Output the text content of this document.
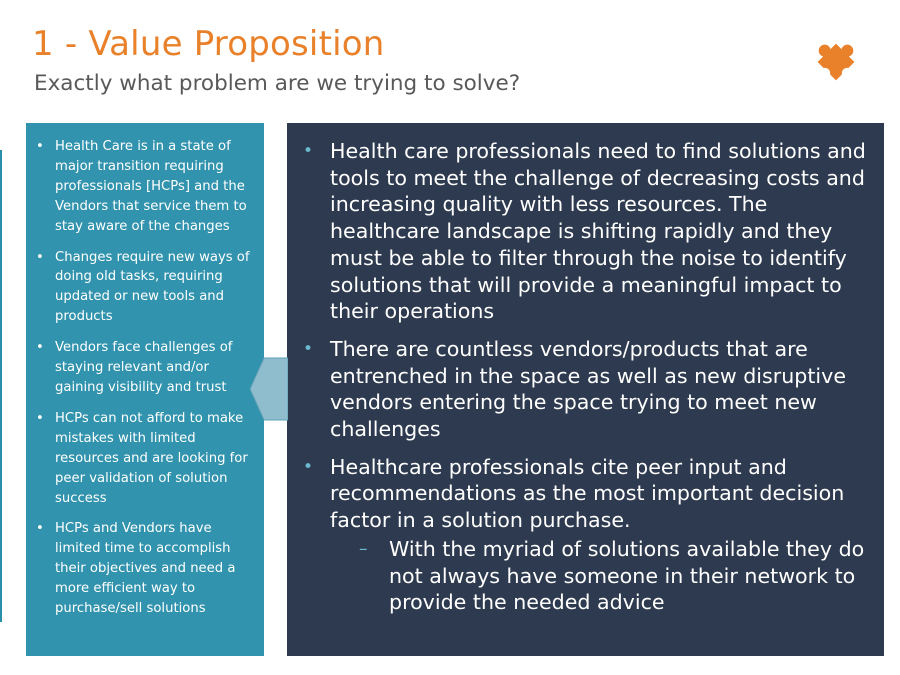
1 - Value Proposition
Exactly what problem are we trying to solve?
• Health Care is in a state of major transition requiring professionals [HCPs] and the Vendors that service them to stay aware of the changes
• Changes require new ways of doing old tasks, requiring updated or new tools and products
• Vendors face challenges of staying relevant and/or gaining visibility and trust
• HCPs can not afford to make mistakes with limited resources and are looking for peer validation of solution success
• HCPs and Vendors have limited time to accomplish their objectives and need a more efficient way to purchase/sell solutions
• Health care professionals need to find solutions and tools to meet the challenge of decreasing costs and increasing quality with less resources. The healthcare landscape is shifting rapidly and they must be able to filter through the noise to identify solutions that will provide a meaningful impact to their operations
• There are countless vendors/products that are entrenched in the space as well as new disruptive vendors entering the space trying to meet new challenges
• Healthcare professionals cite peer input and recommendations as the most important decision factor in a solution purchase.
– With the myriad of solutions available they do not always have someone in their network to provide the needed advice
